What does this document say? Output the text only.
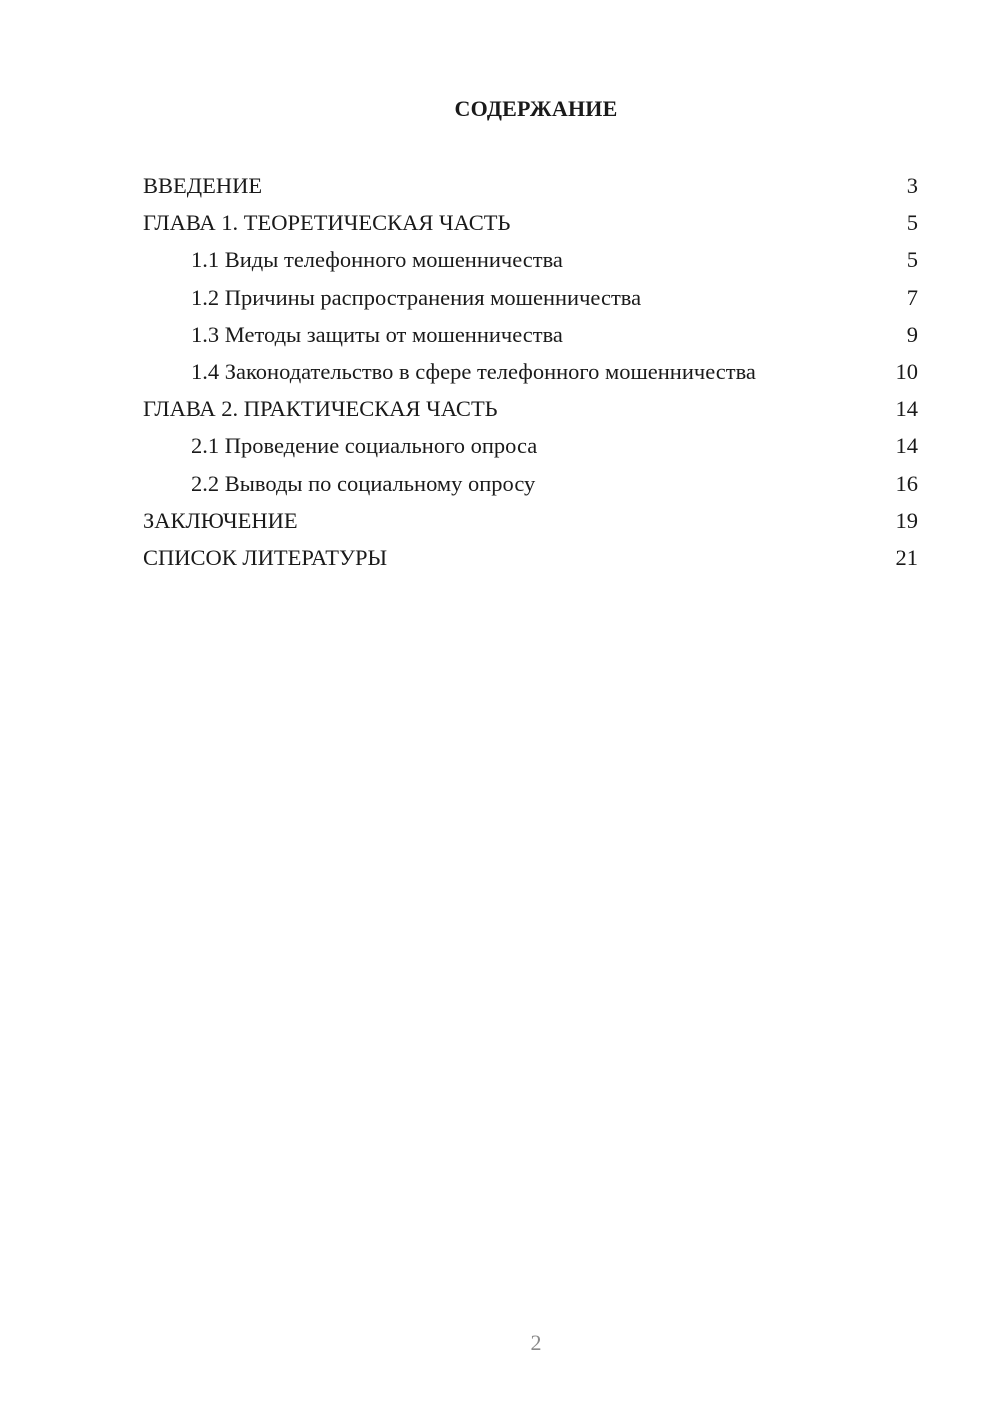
СОДЕРЖАНИЕ
ВВЕДЕНИЕ	3
ГЛАВА 1. ТЕОРЕТИЧЕСКАЯ ЧАСТЬ	5
1.1 Виды телефонного мошенничества	5
1.2 Причины распространения мошенничества	7
1.3 Методы защиты от мошенничества	9
1.4 Законодательство в сфере телефонного мошенничества	10
ГЛАВА 2. ПРАКТИЧЕСКАЯ ЧАСТЬ	14
2.1 Проведение социального опроса	14
2.2 Выводы по социальному опросу	16
ЗАКЛЮЧЕНИЕ	19
СПИСОК ЛИТЕРАТУРЫ	21
2
